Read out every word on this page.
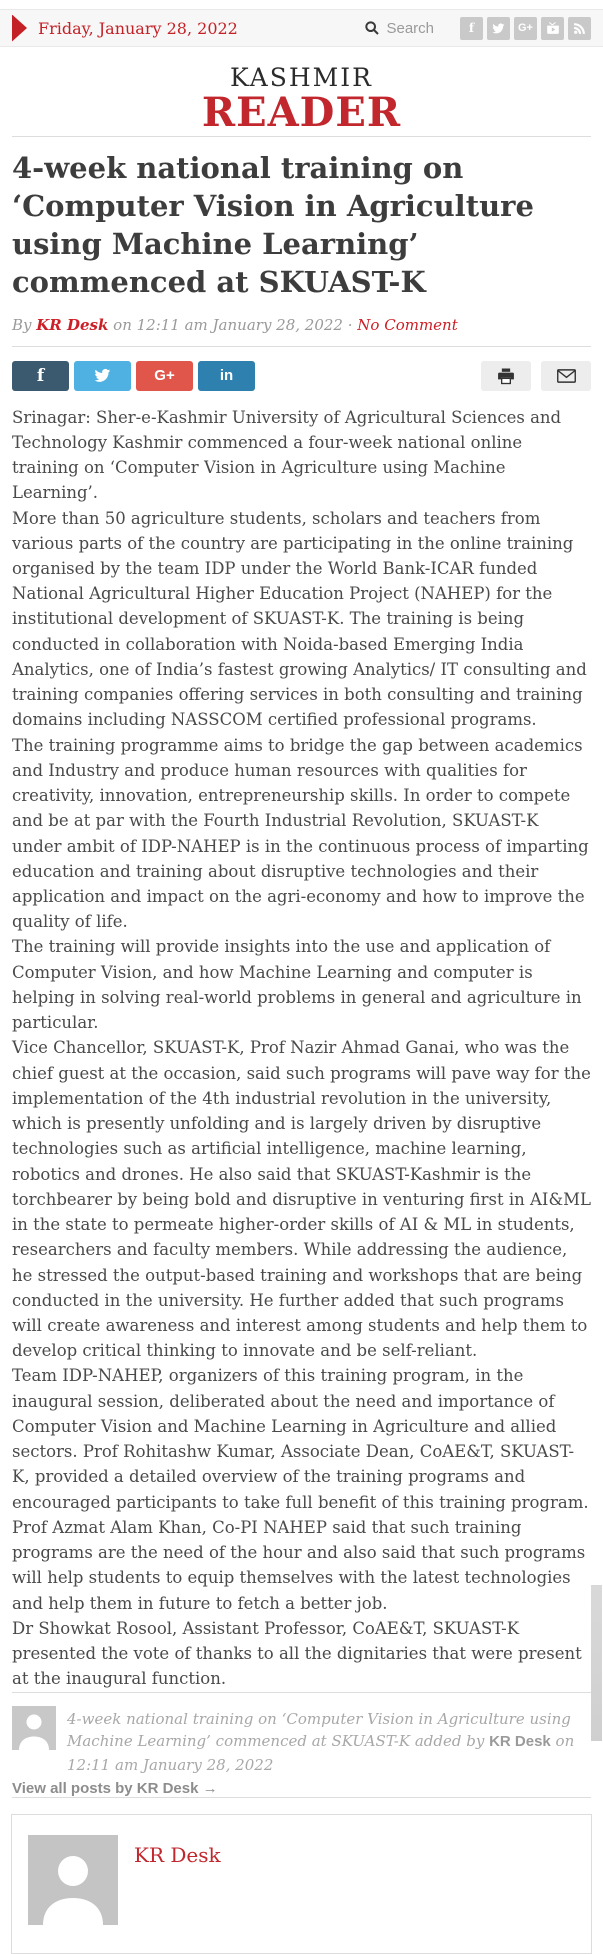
Friday, January 28, 2022	Search	f	G+
KASHMIR
READER
4-week national training on ‘Computer Vision in Agriculture using Machine Learning’ commenced at SKUAST-K
By KR Desk on 12:11 am January 28, 2022 · No Comment
f	G+	in

Srinagar: Sher-e-Kashmir University of Agricultural Sciences and Technology Kashmir commenced a four-week national online training on ‘Computer Vision in Agriculture using Machine Learning’.

More than 50 agriculture students, scholars and teachers from various parts of the country are participating in the online training organised by the team IDP under the World Bank-ICAR funded National Agricultural Higher Education Project (NAHEP) for the institutional development of SKUAST-K. The training is being conducted in collaboration with Noida-based Emerging India Analytics, one of India’s fastest growing Analytics/ IT consulting and training companies offering services in both consulting and training domains including NASSCOM certified professional programs.

The training programme aims to bridge the gap between academics and Industry and produce human resources with qualities for creativity, innovation, entrepreneurship skills. In order to compete and be at par with the Fourth Industrial Revolution, SKUAST-K under ambit of IDP-NAHEP is in the continuous process of imparting education and training about disruptive technologies and their application and impact on the agri-economy and how to improve the quality of life.

The training will provide insights into the use and application of Computer Vision, and how Machine Learning and computer is helping in solving real-world problems in general and agriculture in particular.

Vice Chancellor, SKUAST-K, Prof Nazir Ahmad Ganai, who was the chief guest at the occasion, said such programs will pave way for the implementation of the 4th industrial revolution in the university, which is presently unfolding and is largely driven by disruptive technologies such as artificial intelligence, machine learning, robotics and drones. He also said that SKUAST-Kashmir is the torchbearer by being bold and disruptive in venturing first in AI&ML in the state to permeate higher-order skills of AI & ML in students, researchers and faculty members. While addressing the audience, he stressed the output-based training and workshops that are being conducted in the university. He further added that such programs will create awareness and interest among students and help them to develop critical thinking to innovate and be self-reliant.

Team IDP-NAHEP, organizers of this training program, in the inaugural session, deliberated about the need and importance of Computer Vision and Machine Learning in Agriculture and allied sectors. Prof Rohitashw Kumar, Associate Dean, CoAE&T, SKUAST-K, provided a detailed overview of the training programs and encouraged participants to take full benefit of this training program. Prof Azmat Alam Khan, Co-PI NAHEP said that such training programs are the need of the hour and also said that such programs will help students to equip themselves with the latest technologies and help them in future to fetch a better job.

Dr Showkat Rosool, Assistant Professor, CoAE&T, SKUAST-K presented the vote of thanks to all the dignitaries that were present at the inaugural function.

4-week national training on ‘Computer Vision in Agriculture using Machine Learning’ commenced at SKUAST-K added by KR Desk on 12:11 am January 28, 2022
View all posts by KR Desk →
KR Desk
